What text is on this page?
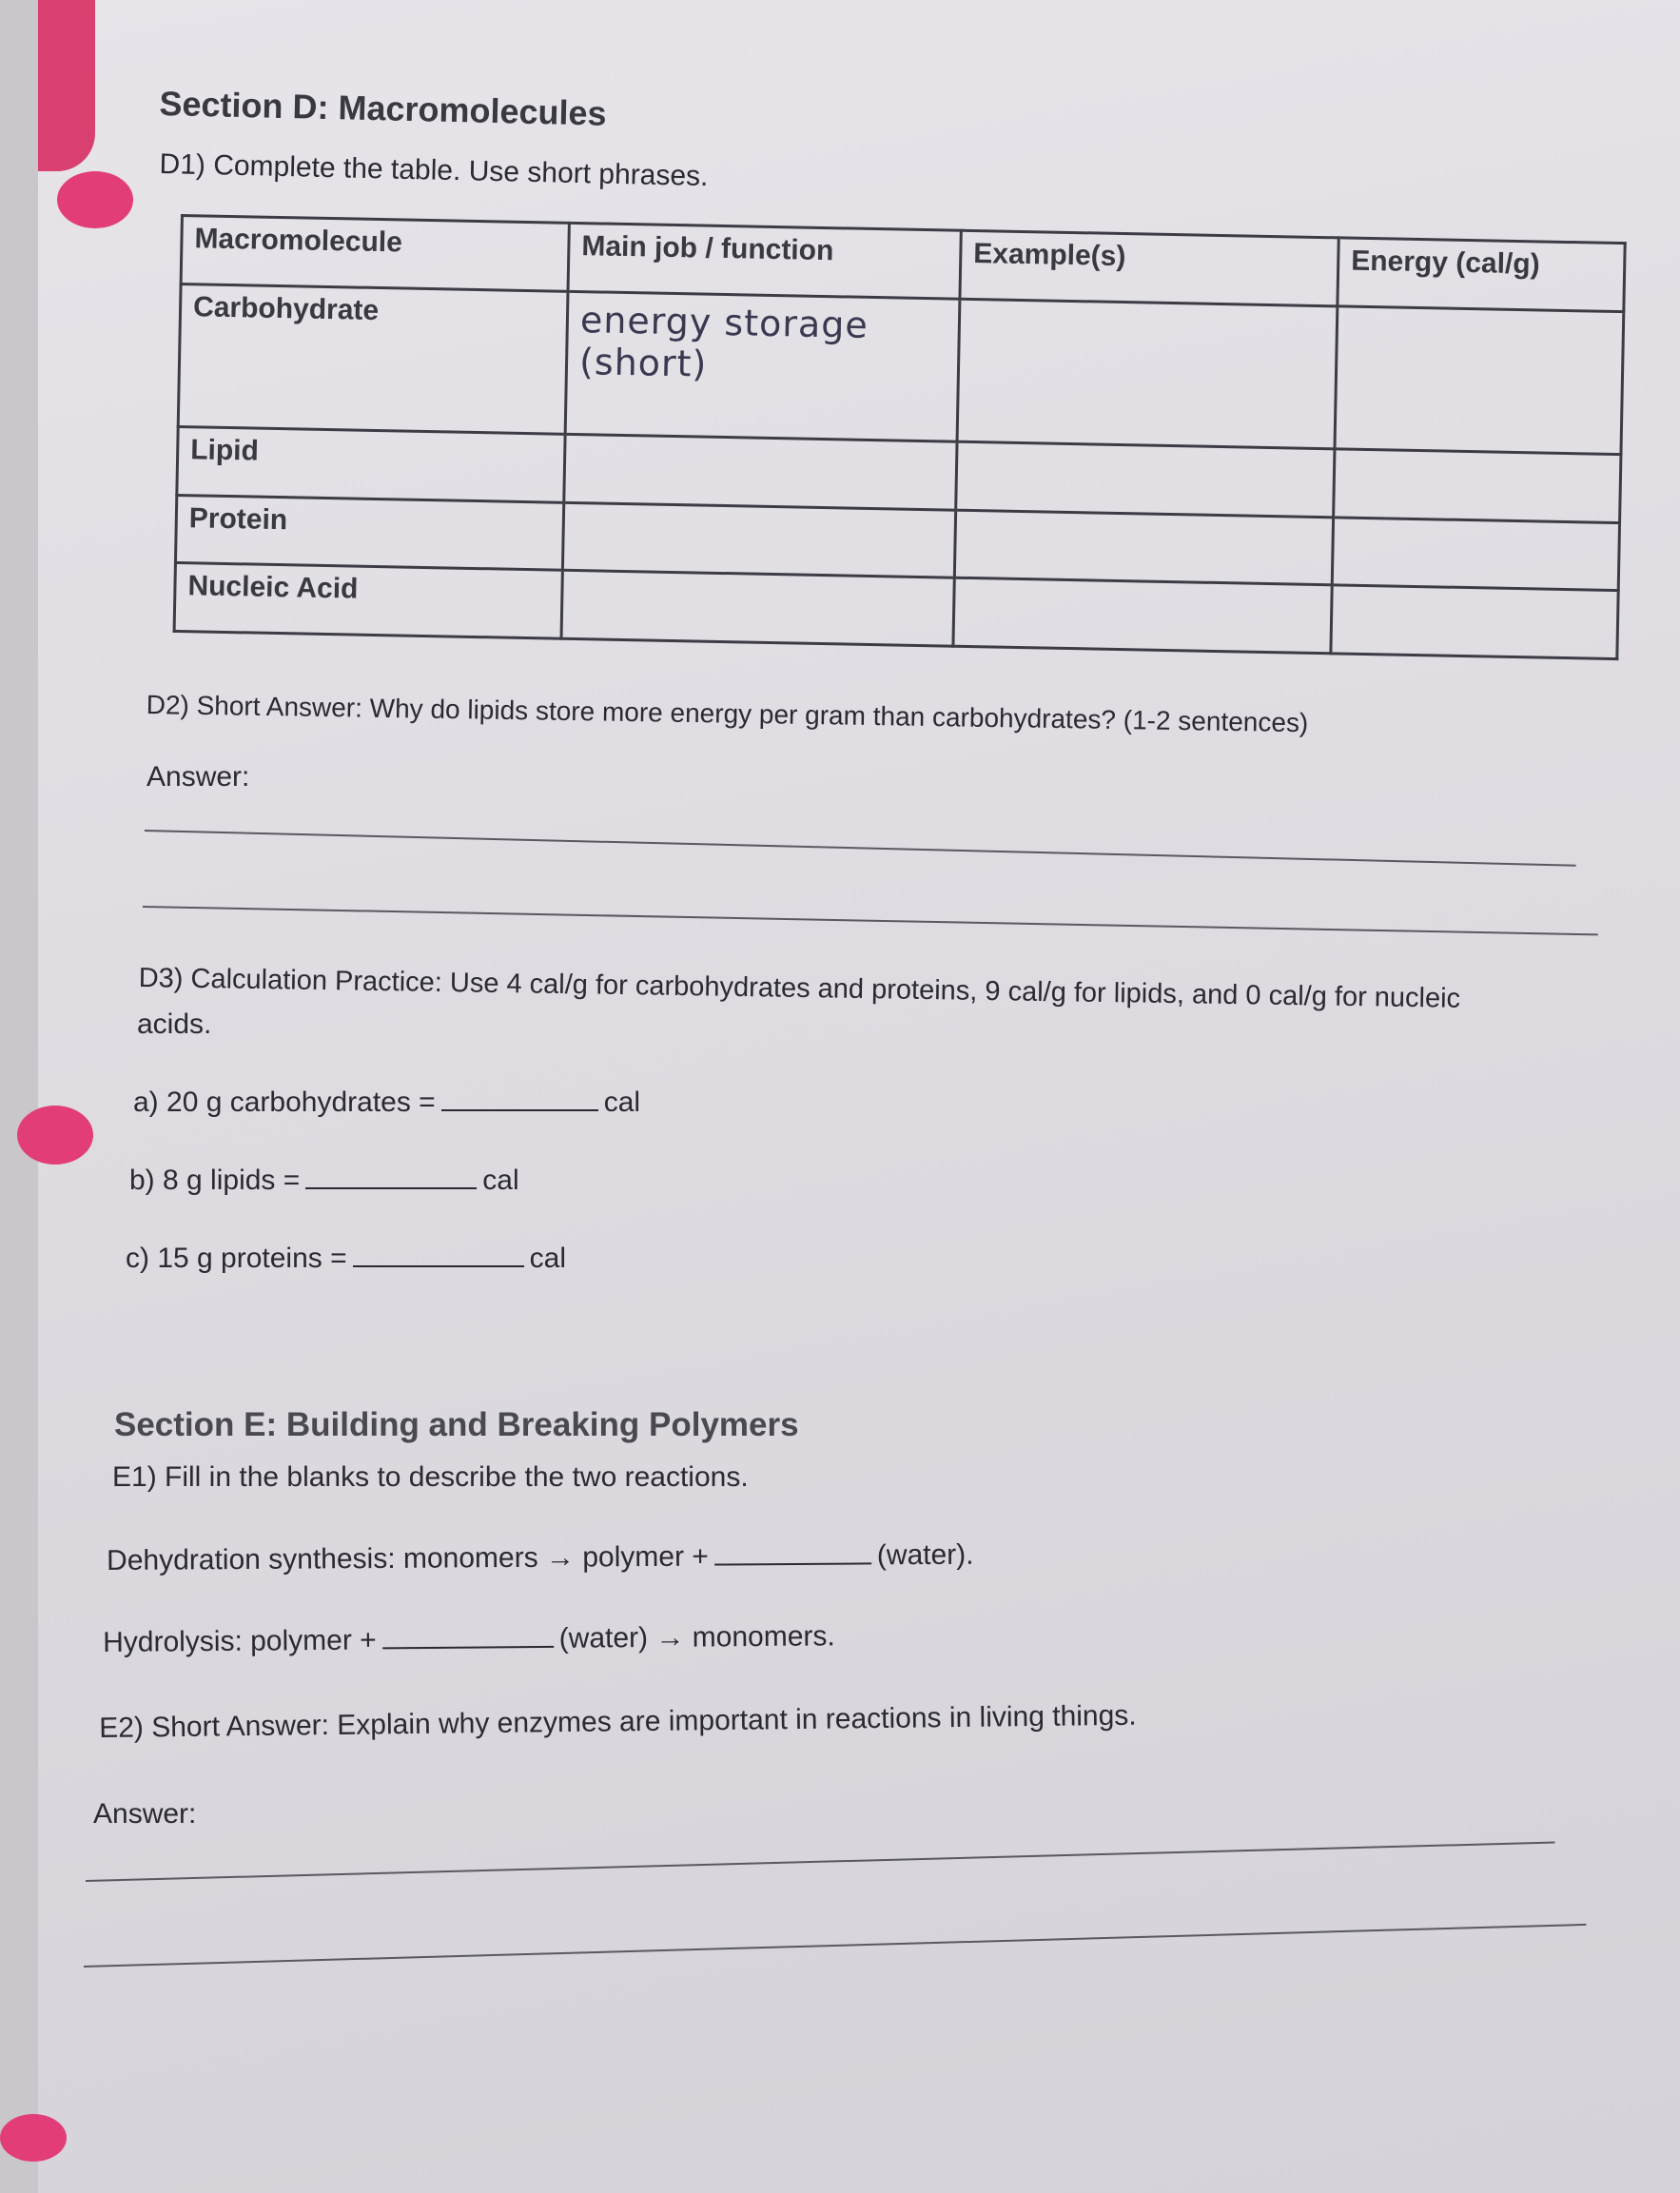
Section D: Macromolecules
D1) Complete the table. Use short phrases.
Macromolecule	Main job / function	Example(s)	Energy (cal/g)
Carbohydrate	energy storage (short)		
Lipid			
Protein			
Nucleic Acid			
D2) Short Answer: Why do lipids store more energy per gram than carbohydrates? (1-2 sentences)
Answer:
D3) Calculation Practice: Use 4 cal/g for carbohydrates and proteins, 9 cal/g for lipids, and 0 cal/g for nucleic
acids.
a) 20 g carbohydrates =	cal
b) 8 g lipids =	cal
c) 15 g proteins =	cal
Section E: Building and Breaking Polymers
E1) Fill in the blanks to describe the two reactions.
Dehydration synthesis: monomers → polymer +	(water).
Hydrolysis: polymer +	(water) → monomers.
E2) Short Answer: Explain why enzymes are important in reactions in living things.
Answer:
